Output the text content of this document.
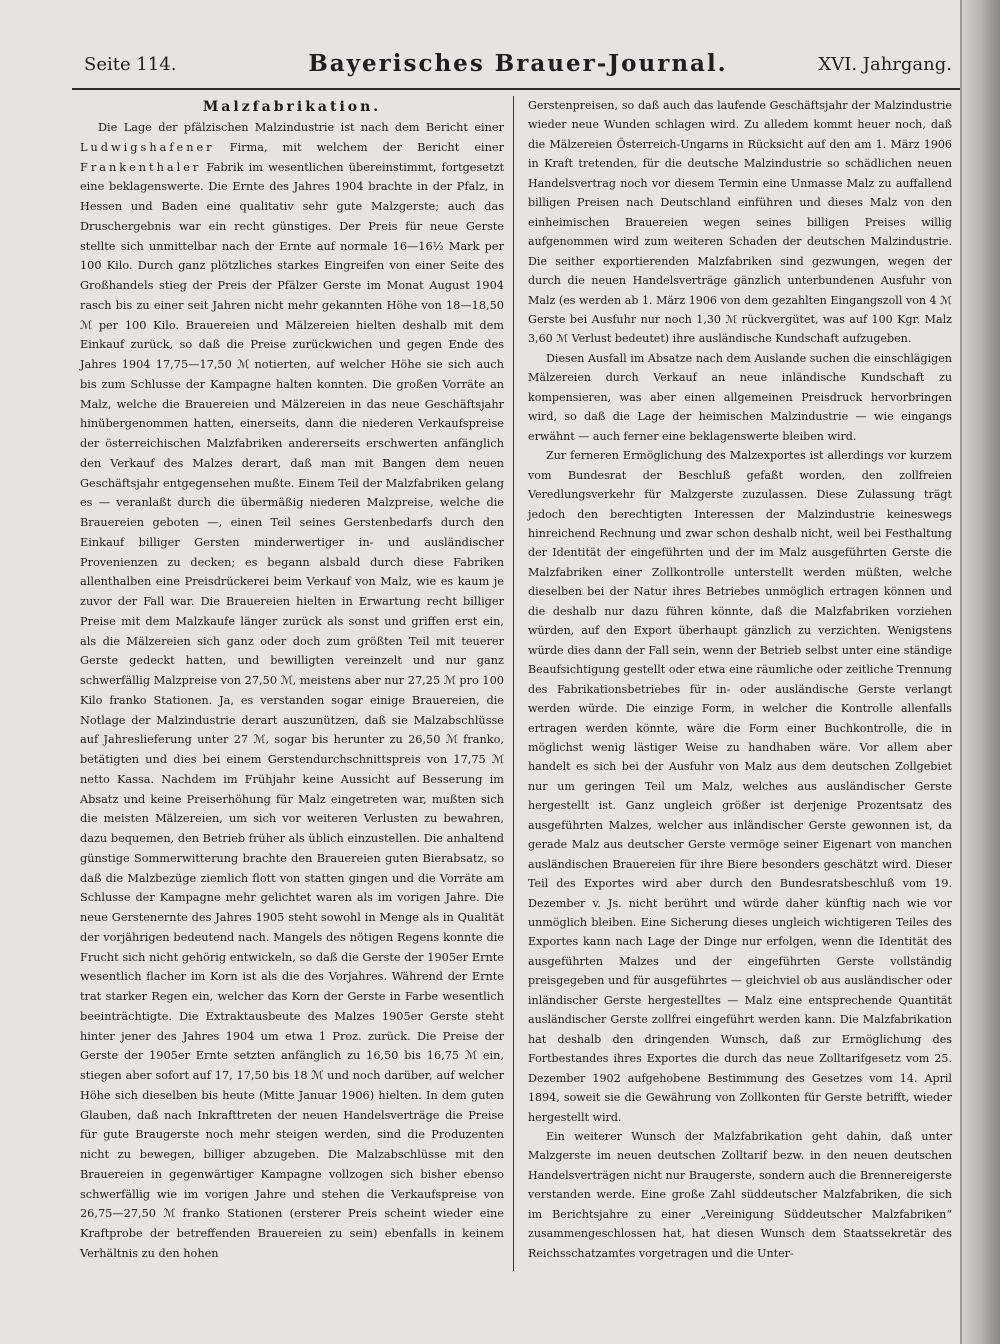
Seite 114.	Bayerisches Brauer-Journal.	XVI. Jahrgang.
Malzfabrikation.

Die Lage der pfälzischen Malzindustrie ist nach dem Bericht einer Ludwigshafener Firma, mit welchem der Bericht einer Frankenthaler Fabrik im wesentlichen übereinstimmt, fortgesetzt eine beklagenswerte. Die Ernte des Jahres 1904 brachte in der Pfalz, in Hessen und Baden eine qualitativ sehr gute Malzgerste; auch das Druschergebnis war ein recht günstiges. Der Preis für neue Gerste stellte sich unmittelbar nach der Ernte auf normale 16—16½ Mark per 100 Kilo. Durch ganz plötzliches starkes Eingreifen von einer Seite des Großhandels stieg der Preis der Pfälzer Gerste im Monat August 1904 rasch bis zu einer seit Jahren nicht mehr gekannten Höhe von 18—18,50 ℳ per 100 Kilo. Brauereien und Mälzereien hielten deshalb mit dem Einkauf zurück, so daß die Preise zurückwichen und gegen Ende des Jahres 1904 17,75—17,50 ℳ notierten, auf welcher Höhe sie sich auch bis zum Schlusse der Kampagne halten konnten. Die großen Vorräte an Malz, welche die Brauereien und Mälzereien in das neue Geschäftsjahr hinübergenommen hatten, einerseits, dann die niederen Verkaufspreise der österreichischen Malzfabriken andererseits erschwerten anfänglich den Verkauf des Malzes derart, daß man mit Bangen dem neuen Geschäftsjahr entgegensehen mußte. Einem Teil der Malzfabriken gelang es — veranlaßt durch die übermäßig niederen Malzpreise, welche die Brauereien geboten —, einen Teil seines Gerstenbedarfs durch den Einkauf billiger Gersten minderwertiger in- und ausländischer Provenienzen zu decken; es begann alsbald durch diese Fabriken allenthalben eine Preisdrückerei beim Verkauf von Malz, wie es kaum je zuvor der Fall war. Die Brauereien hielten in Erwartung recht billiger Preise mit dem Malzkaufe länger zurück als sonst und griffen erst ein, als die Mälzereien sich ganz oder doch zum größten Teil mit teuerer Gerste gedeckt hatten, und bewilligten vereinzelt und nur ganz schwerfällig Malzpreise von 27,50 ℳ, meistens aber nur 27,25 ℳ pro 100 Kilo franko Stationen. Ja, es verstanden sogar einige Brauereien, die Notlage der Malzindustrie derart auszunützen, daß sie Malzabschlüsse auf Jahreslieferung unter 27 ℳ, sogar bis herunter zu 26,50 ℳ franko, betätigten und dies bei einem Gerstendurchschnittspreis von 17,75 ℳ netto Kassa. Nachdem im Frühjahr keine Aussicht auf Besserung im Absatz und keine Preiserhöhung für Malz eingetreten war, mußten sich die meisten Mälzereien, um sich vor weiteren Verlusten zu bewahren, dazu bequemen, den Betrieb früher als üblich einzustellen. Die anhaltend günstige Sommerwitterung brachte den Brauereien guten Bierabsatz, so daß die Malzbezüge ziemlich flott von statten gingen und die Vorräte am Schlusse der Kampagne mehr gelichtet waren als im vorigen Jahre. Die neue Gerstenernte des Jahres 1905 steht sowohl in Menge als in Qualität der vorjährigen bedeutend nach. Mangels des nötigen Regens konnte die Frucht sich nicht gehörig entwickeln, so daß die Gerste der 1905er Ernte wesentlich flacher im Korn ist als die des Vorjahres. Während der Ernte trat starker Regen ein, welcher das Korn der Gerste in Farbe wesentlich beeinträchtigte. Die Extraktausbeute des Malzes 1905er Gerste steht hinter jener des Jahres 1904 um etwa 1 Proz. zurück. Die Preise der Gerste der 1905er Ernte setzten anfänglich zu 16,50 bis 16,75 ℳ ein, stiegen aber sofort auf 17, 17,50 bis 18 ℳ und noch darüber, auf welcher Höhe sich dieselben bis heute (Mitte Januar 1906) hielten. In dem guten Glauben, daß nach Inkrafttreten der neuen Handelsverträge die Preise für gute Braugerste noch mehr steigen werden, sind die Produzenten nicht zu bewegen, billiger abzugeben. Die Malzabschlüsse mit den Brauereien in gegenwärtiger Kampagne vollzogen sich bisher ebenso schwerfällig wie im vorigen Jahre und stehen die Verkaufspreise von 26,75—27,50 ℳ franko Stationen (ersterer Preis scheint wieder eine Kraftprobe der betreffenden Brauereien zu sein) ebenfalls in keinem Verhältnis zu den hohen

Gerstenpreisen, so daß auch das laufende Geschäftsjahr der Malzindustrie wieder neue Wunden schlagen wird. Zu alledem kommt heuer noch, daß die Mälzereien Österreich-Ungarns in Rücksicht auf den am 1. März 1906 in Kraft tretenden, für die deutsche Malzindustrie so schädlichen neuen Handelsvertrag noch vor diesem Termin eine Unmasse Malz zu auffallend billigen Preisen nach Deutschland einführen und dieses Malz von den einheimischen Brauereien wegen seines billigen Preises willig aufgenommen wird zum weiteren Schaden der deutschen Malzindustrie. Die seither exportierenden Malzfabriken sind gezwungen, wegen der durch die neuen Handelsverträge gänzlich unterbundenen Ausfuhr von Malz (es werden ab 1. März 1906 von dem gezahlten Eingangszoll von 4 ℳ Gerste bei Ausfuhr nur noch 1,30 ℳ rückvergütet, was auf 100 Kgr. Malz 3,60 ℳ Verlust bedeutet) ihre ausländische Kundschaft aufzugeben.

Diesen Ausfall im Absatze nach dem Auslande suchen die einschlägigen Mälzereien durch Verkauf an neue inländische Kundschaft zu kompensieren, was aber einen allgemeinen Preisdruck hervorbringen wird, so daß die Lage der heimischen Malzindustrie — wie eingangs erwähnt — auch ferner eine beklagenswerte bleiben wird.

Zur ferneren Ermöglichung des Malzexportes ist allerdings vor kurzem vom Bundesrat der Beschluß gefaßt worden, den zollfreien Veredlungsverkehr für Malzgerste zuzulassen. Diese Zulassung trägt jedoch den berechtigten Interessen der Malzindustrie keineswegs hinreichend Rechnung und zwar schon deshalb nicht, weil bei Festhaltung der Identität der eingeführten und der im Malz ausgeführten Gerste die Malzfabriken einer Zollkontrolle unterstellt werden müßten, welche dieselben bei der Natur ihres Betriebes unmöglich ertragen können und die deshalb nur dazu führen könnte, daß die Malzfabriken vorziehen würden, auf den Export überhaupt gänzlich zu verzichten. Wenigstens würde dies dann der Fall sein, wenn der Betrieb selbst unter eine ständige Beaufsichtigung gestellt oder etwa eine räumliche oder zeitliche Trennung des Fabrikationsbetriebes für in- oder ausländische Gerste verlangt werden würde. Die einzige Form, in welcher die Kontrolle allenfalls ertragen werden könnte, wäre die Form einer Buchkontrolle, die in möglichst wenig lästiger Weise zu handhaben wäre. Vor allem aber handelt es sich bei der Ausfuhr von Malz aus dem deutschen Zollgebiet nur um geringen Teil um Malz, welches aus ausländischer Gerste hergestellt ist. Ganz ungleich größer ist derjenige Prozentsatz des ausgeführten Malzes, welcher aus inländischer Gerste gewonnen ist, da gerade Malz aus deutscher Gerste vermöge seiner Eigenart von manchen ausländischen Brauereien für ihre Biere besonders geschätzt wird. Dieser Teil des Exportes wird aber durch den Bundesratsbeschluß vom 19. Dezember v. Js. nicht berührt und würde daher künftig nach wie vor unmöglich bleiben. Eine Sicherung dieses ungleich wichtigeren Teiles des Exportes kann nach Lage der Dinge nur erfolgen, wenn die Identität des ausgeführten Malzes und der eingeführten Gerste vollständig preisgegeben und für ausgeführtes — gleichviel ob aus ausländischer oder inländischer Gerste hergestelltes — Malz eine entsprechende Quantität ausländischer Gerste zollfrei eingeführt werden kann. Die Malzfabrikation hat deshalb den dringenden Wunsch, daß zur Ermöglichung des Fortbestandes ihres Exportes die durch das neue Zolltarifgesetz vom 25. Dezember 1902 aufgehobene Bestimmung des Gesetzes vom 14. April 1894, soweit sie die Gewährung von Zollkonten für Gerste betrifft, wieder hergestellt wird.

Ein weiterer Wunsch der Malzfabrikation geht dahin, daß unter Malzgerste im neuen deutschen Zolltarif bezw. in den neuen deutschen Handelsverträgen nicht nur Braugerste, sondern auch die Brennereigerste verstanden werde. Eine große Zahl süddeutscher Malzfabriken, die sich im Berichtsjahre zu einer „Vereinigung Süddeutscher Malzfabriken“ zusammengeschlossen hat, hat diesen Wunsch dem Staatssekretär des Reichsschatzamtes vorgetragen und die Unter-
